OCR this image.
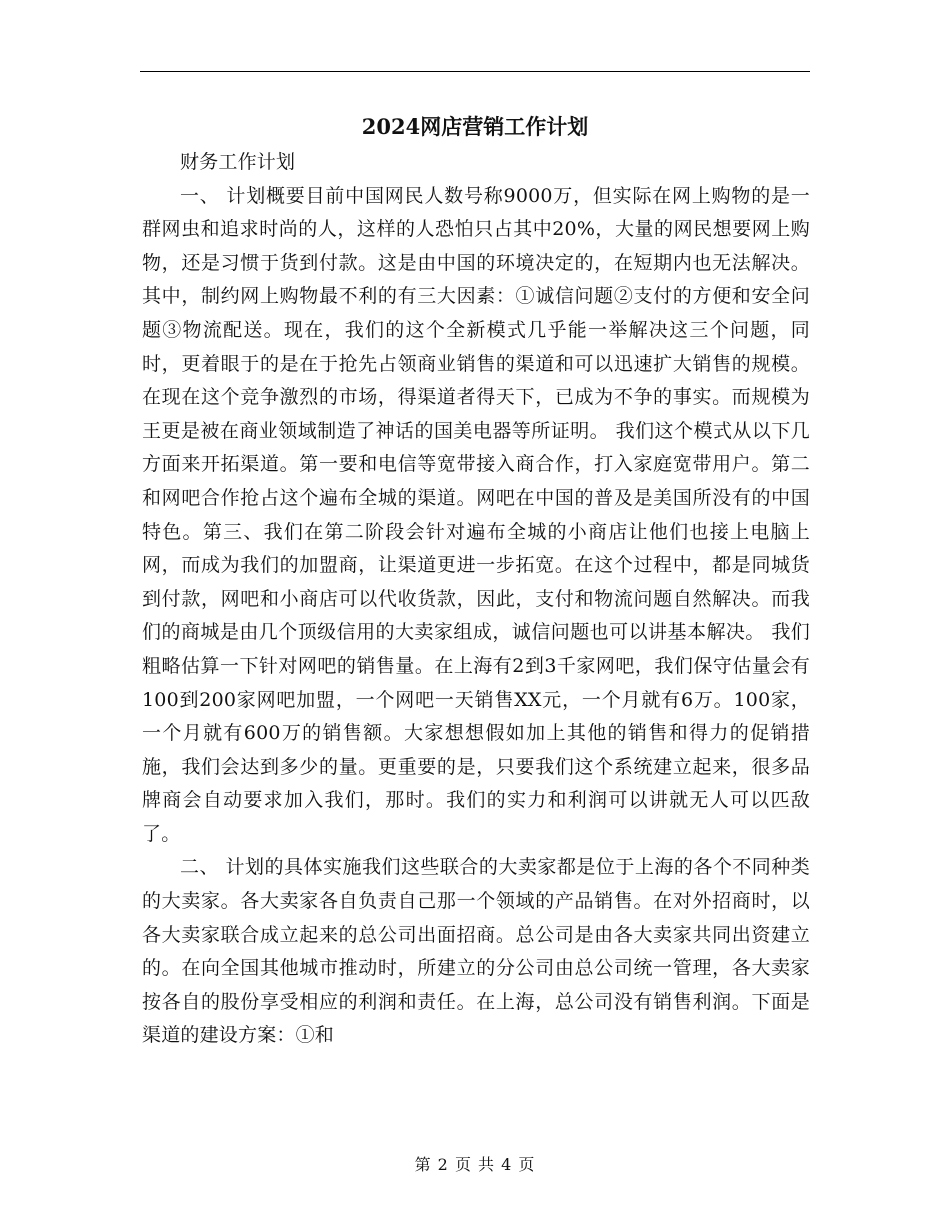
2024网店营销工作计划

财务工作计划

一、 计划概要目前中国网民人数号称9000万，但实际在网上购物的是一群网虫和追求时尚的人，这样的人恐怕只占其中20%，大量的网民想要网上购物，还是习惯于货到付款。这是由中国的环境决定的，在短期内也无法解决。其中，制约网上购物最不利的有三大因素：①诚信问题②支付的方便和安全问题③物流配送。现在，我们的这个全新模式几乎能一举解决这三个问题，同时，更着眼于的是在于抢先占领商业销售的渠道和可以迅速扩大销售的规模。在现在这个竞争激烈的市场，得渠道者得天下，已成为不争的事实。而规模为王更是被在商业领域制造了神话的国美电器等所证明。 我们这个模式从以下几方面来开拓渠道。第一要和电信等宽带接入商合作，打入家庭宽带用户。第二和网吧合作抢占这个遍布全城的渠道。网吧在中国的普及是美国所没有的中国特色。第三、我们在第二阶段会针对遍布全城的小商店让他们也接上电脑上网，而成为我们的加盟商，让渠道更进一步拓宽。在这个过程中，都是同城货到付款，网吧和小商店可以代收货款，因此，支付和物流问题自然解决。而我们的商城是由几个顶级信用的大卖家组成，诚信问题也可以讲基本解决。 我们粗略估算一下针对网吧的销售量。在上海有2到3千家网吧，我们保守估量会有100到200家网吧加盟，一个网吧一天销售XX元，一个月就有6万。100家，一个月就有600万的销售额。大家想想假如加上其他的销售和得力的促销措施，我们会达到多少的量。更重要的是，只要我们这个系统建立起来，很多品牌商会自动要求加入我们，那时。我们的实力和利润可以讲就无人可以匹敌了。

二、 计划的具体实施我们这些联合的大卖家都是位于上海的各个不同种类的大卖家。各大卖家各自负责自己那一个领域的产品销售。在对外招商时，以各大卖家联合成立起来的总公司出面招商。总公司是由各大卖家共同出资建立的。在向全国其他城市推动时，所建立的分公司由总公司统一管理，各大卖家按各自的股份享受相应的利润和责任。在上海，总公司没有销售利润。下面是渠道的建设方案：①和

第 2 页 共 4 页
